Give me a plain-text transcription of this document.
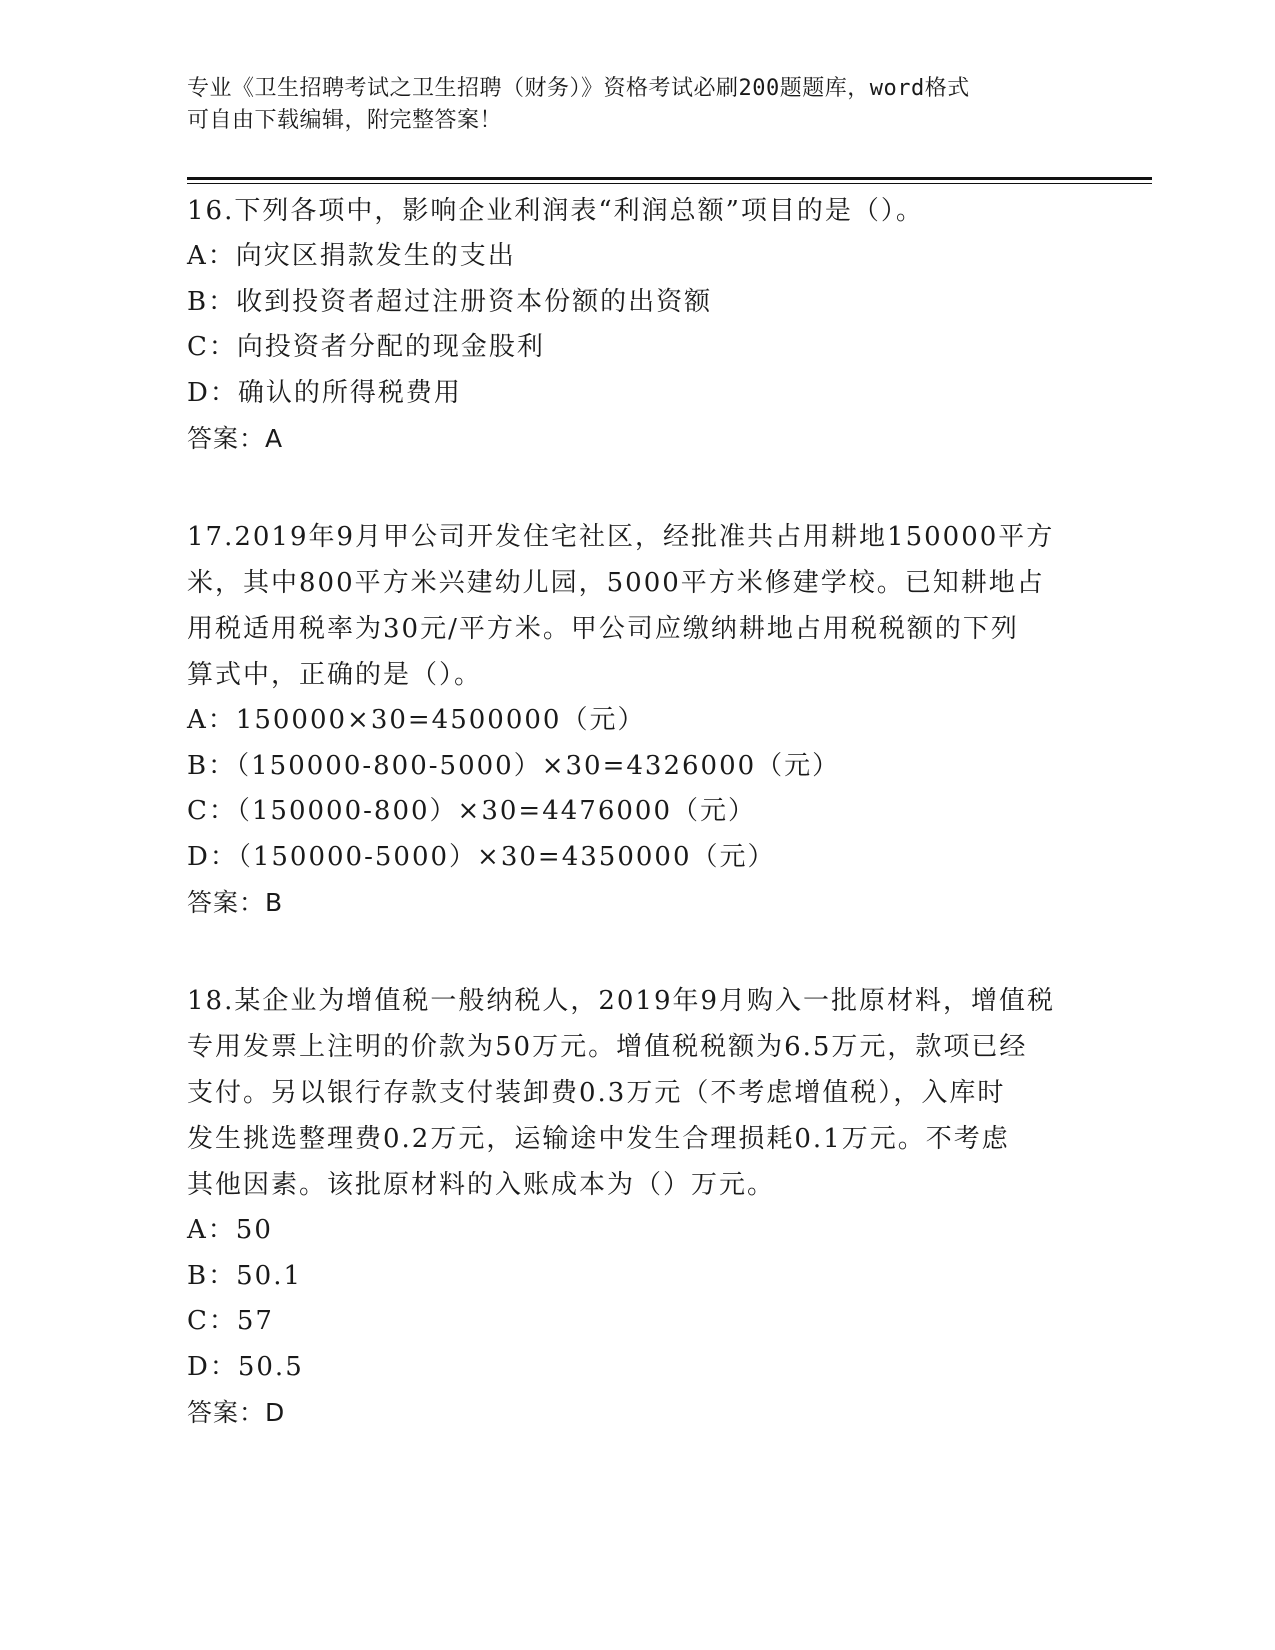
专业《卫生招聘考试之卫生招聘（财务）》资格考试必刷200题题库，word格式
可自由下载编辑，附完整答案！
16.下列各项中，影响企业利润表“利润总额”项目的是（）。
A：向灾区捐款发生的支出
B：收到投资者超过注册资本份额的出资额
C：向投资者分配的现金股利
D：确认的所得税费用
答案：A
17.2019年9月甲公司开发住宅社区，经批准共占用耕地150000平方
米，其中800平方米兴建幼儿园，5000平方米修建学校。已知耕地占
用税适用税率为30元/平方米。甲公司应缴纳耕地占用税税额的下列
算式中，正确的是（）。
A：150000×30=4500000（元）
B：（150000-800-5000）×30=4326000（元）
C：（150000-800）×30=4476000（元）
D：（150000-5000）×30=4350000（元）
答案：B
18.某企业为增值税一般纳税人，2019年9月购入一批原材料，增值税
专用发票上注明的价款为50万元。增值税税额为6.5万元，款项已经
支付。另以银行存款支付装卸费0.3万元（不考虑增值税），入库时
发生挑选整理费0.2万元，运输途中发生合理损耗0.1万元。不考虑
其他因素。该批原材料的入账成本为（）万元。
A：50
B：50.1
C：57
D：50.5
答案：D
